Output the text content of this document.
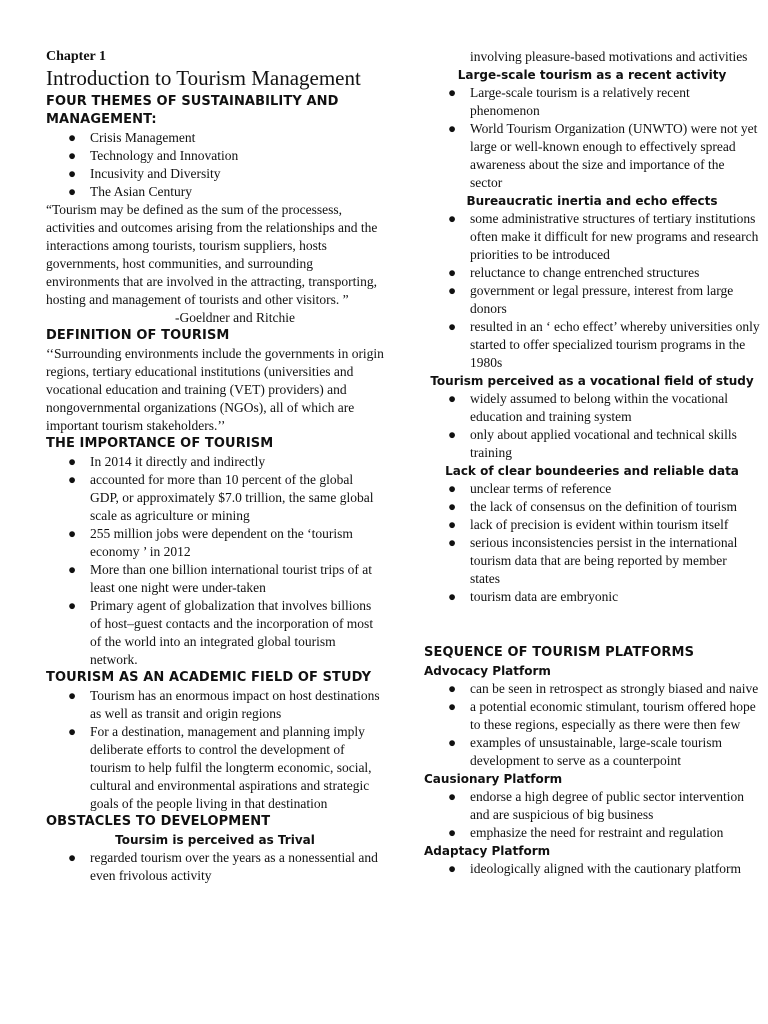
Chapter 1

Introduction to Tourism Management
FOUR THEMES OF SUSTAINABILITY AND MANAGEMENT:
● Crisis Management
● Technology and Innovation
● Incusivity and Diversity
● The Asian Century

“Tourism may be defined as the sum of the processess, activities and outcomes arising from the relationships and the interactions among tourists, tourism suppliers, hosts governments, host communities, and surrounding environments that are involved in the attracting, transporting, hosting and management of tourists and other visitors. ”

-Goeldner and Ritchie

DEFINITION OF TOURISM

‘‘Surrounding environments include the governments in origin regions, tertiary educational institutions (universities and vocational education and training (VET) providers) and nongovernmental organizations (NGOs), all of which are important tourism stakeholders.’’

THE IMPORTANCE OF TOURISM
● In 2014 it directly and indirectly
● accounted for more than 10 percent of the global GDP, or approximately $7.0 trillion, the same global scale as agriculture or mining
● 255 million jobs were dependent on the ‘tourism economy ’ in 2012
● More than one billion international tourist trips of at least one night were under-taken
● Primary agent of globalization that involves billions of host–guest contacts and the incorporation of most of the world into an integrated global tourism network.
TOURISM AS AN ACADEMIC FIELD OF STUDY
● Tourism has an enormous impact on host destinations as well as transit and origin regions
● For a destination, management and planning imply deliberate efforts to control the development of tourism to help fulfil the longterm economic, social, cultural and environmental aspirations and strategic goals of the people living in that destination
OBSTACLES TO DEVELOPMENT
Toursim is perceived as Trival
● regarded tourism over the years as a nonessential and even frivolous activity
involving pleasure-based motivations and activities
Large-scale tourism as a recent activity
● Large-scale tourism is a relatively recent phenomenon
● World Tourism Organization (UNWTO) were not yet large or well-known enough to effectively spread awareness about the size and importance of the sector
Bureaucratic inertia and echo effects
● some administrative structures of tertiary institutions often make it difficult for new programs and research priorities to be introduced
● reluctance to change entrenched structures
● government or legal pressure, interest from large donors
● resulted in an ‘ echo effect’ whereby universities only started to offer specialized tourism programs in the 1980s
Tourism perceived as a vocational field of study
● widely assumed to belong within the vocational education and training system
● only about applied vocational and technical skills training
Lack of clear boundeeries and reliable data
● unclear terms of reference
● the lack of consensus on the definition of tourism
● lack of precision is evident within tourism itself
● serious inconsistencies persist in the international tourism data that are being reported by member states
● tourism data are embryonic
SEQUENCE OF TOURISM PLATFORMS
Advocacy Platform
● can be seen in retrospect as strongly biased and naive
● a potential economic stimulant, tourism offered hope to these regions, especially as there were then few
● examples of unsustainable, large-scale tourism development to serve as a counterpoint
Causionary Platform
● endorse a high degree of public sector intervention and are suspicious of big business
● emphasize the need for restraint and regulation
Adaptacy Platform
● ideologically aligned with the cautionary platform
